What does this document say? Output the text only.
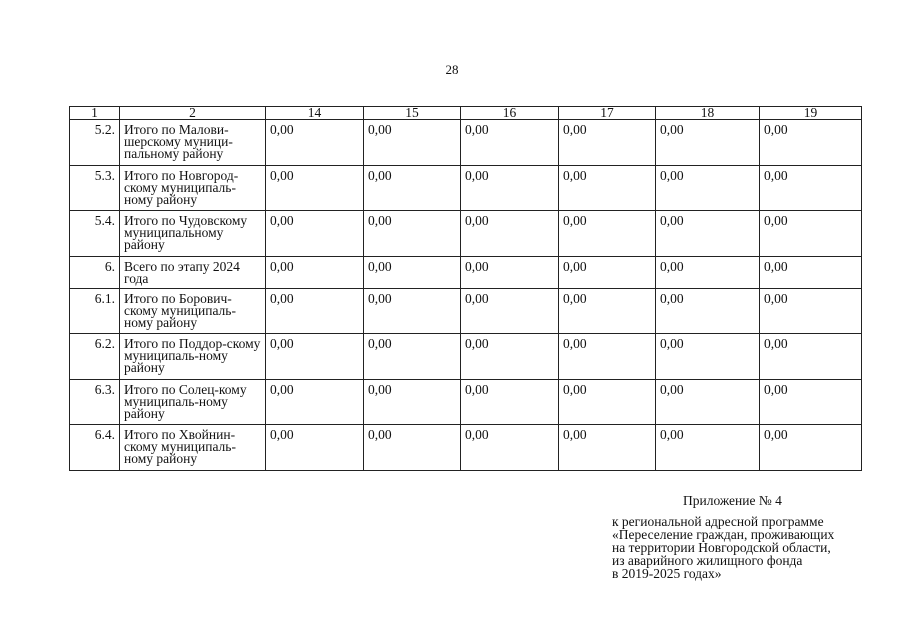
28
1	2	14	15	16	17	18	19
5.2.	Итого по Малови-шерскому муници-пальному району	0,00	0,00	0,00	0,00	0,00	0,00
5.3.	Итого по Новгород-скому муниципаль-ному району	0,00	0,00	0,00	0,00	0,00	0,00
5.4.	Итого по Чудовскому муниципальному району	0,00	0,00	0,00	0,00	0,00	0,00
6.	Всего по этапу 2024 года	0,00	0,00	0,00	0,00	0,00	0,00
6.1.	Итого по Борович-скому муниципаль-ному району	0,00	0,00	0,00	0,00	0,00	0,00
6.2.	Итого по Поддор-скому муниципаль-ному району	0,00	0,00	0,00	0,00	0,00	0,00
6.3.	Итого по Солец-кому муниципаль-ному району	0,00	0,00	0,00	0,00	0,00	0,00
6.4.	Итого по Хвойнин-скому муниципаль-ному району	0,00	0,00	0,00	0,00	0,00	0,00
Приложение № 4
к региональной адресной программе
«Переселение граждан, проживающих
на территории Новгородской области,
из аварийного жилищного фонда
в 2019-2025 годах»
